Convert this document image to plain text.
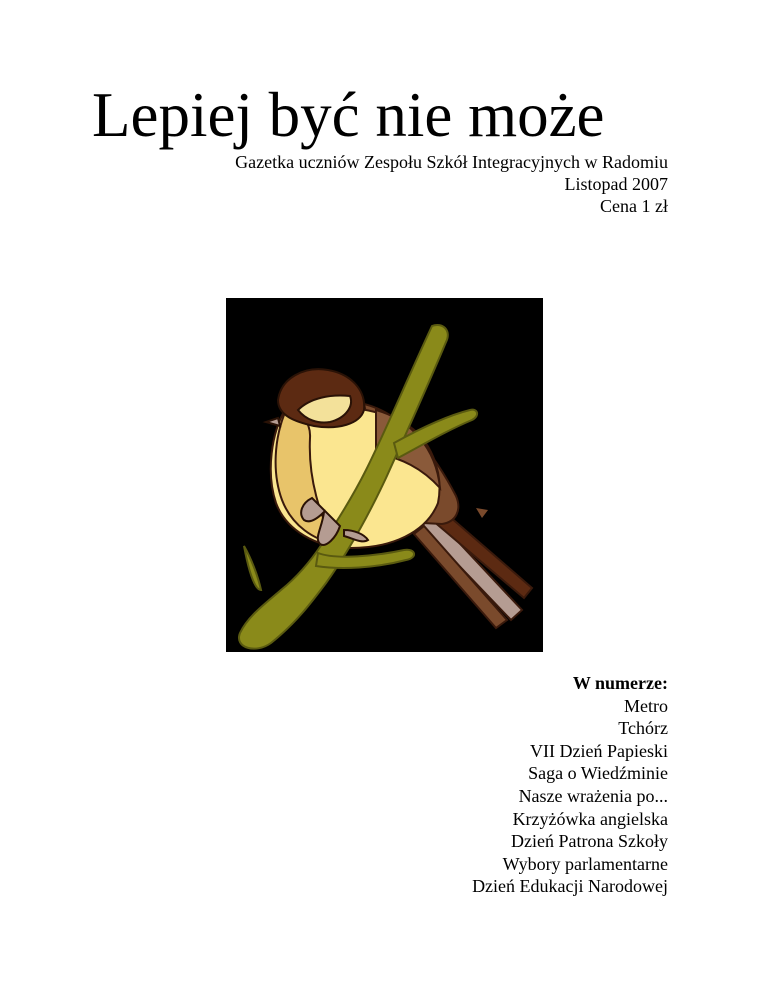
Lepiej być nie może
Gazetka uczniów Zespołu Szkół Integracyjnych w Radomiu
Listopad 2007
Cena 1 zł
W numerze:
Metro
Tchórz
VII Dzień Papieski
Saga o Wiedźminie
Nasze wrażenia po...
Krzyżówka angielska
Dzień Patrona Szkoły
Wybory parlamentarne
Dzień Edukacji Narodowej
